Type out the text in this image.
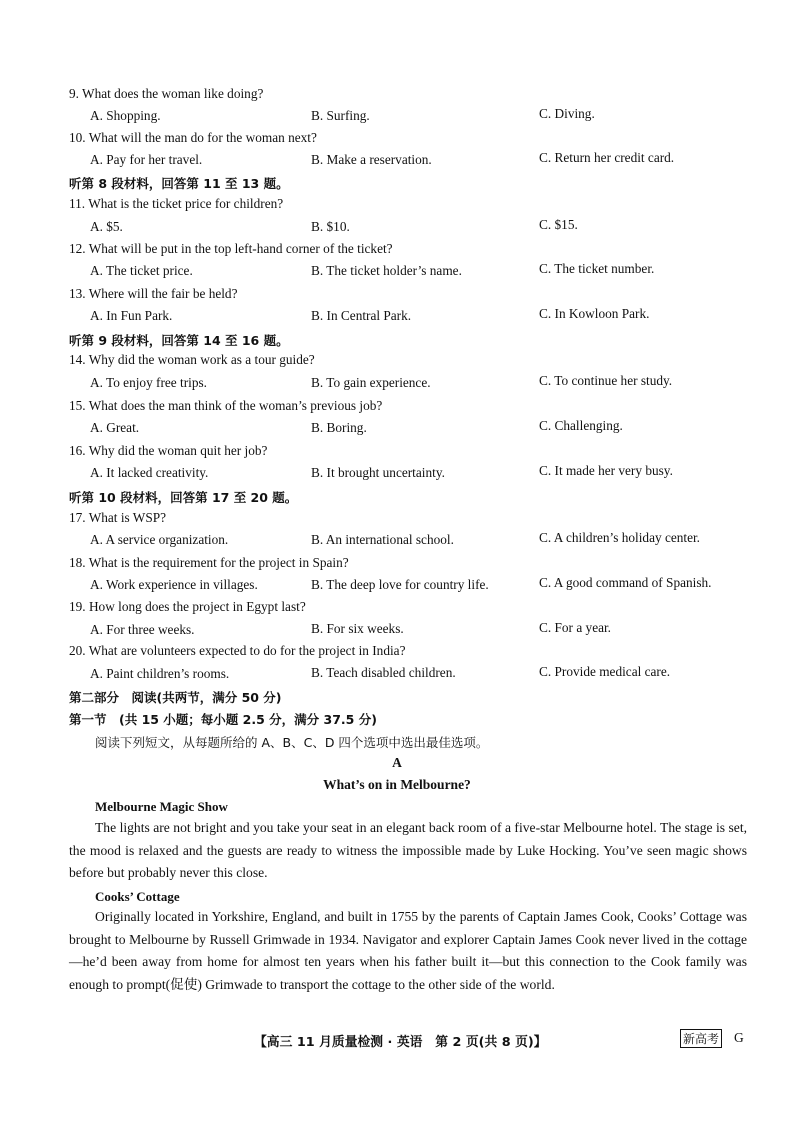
9. What does the woman like doing?
A. Shopping.	B. Surfing.	C. Diving.
10. What will the man do for the woman next?
A. Pay for her travel.	B. Make a reservation.	C. Return her credit card.
听第 8 段材料，回答第 11 至 13 题。
11. What is the ticket price for children?
A. $5.	B. $10.	C. $15.
12. What will be put in the top left-hand corner of the ticket?
A. The ticket price.	B. The ticket holder’s name.	C. The ticket number.
13. Where will the fair be held?
A. In Fun Park.	B. In Central Park.	C. In Kowloon Park.
听第 9 段材料，回答第 14 至 16 题。
14. Why did the woman work as a tour guide?
A. To enjoy free trips.	B. To gain experience.	C. To continue her study.
15. What does the man think of the woman’s previous job?
A. Great.	B. Boring.	C. Challenging.
16. Why did the woman quit her job?
A. It lacked creativity.	B. It brought uncertainty.	C. It made her very busy.
听第 10 段材料，回答第 17 至 20 题。
17. What is WSP?
A. A service organization.	B. An international school.	C. A children’s holiday center.
18. What is the requirement for the project in Spain?
A. Work experience in villages.	B. The deep love for country life.	C. A good command of Spanish.
19. How long does the project in Egypt last?
A. For three weeks.	B. For six weeks.	C. For a year.
20. What are volunteers expected to do for the project in India?
A. Paint children’s rooms.	B. Teach disabled children.	C. Provide medical care.
第二部分　阅读(共两节，满分 50 分)
第一节　(共 15 小题；每小题 2.5 分，满分 37.5 分)
阅读下列短文，从每题所给的 A、B、C、D 四个选项中选出最佳选项。
A
What’s on in Melbourne?
Melbourne Magic Show
The lights are not bright and you take your seat in an elegant back room of a five-star Melbourne hotel. The stage is set, the mood is relaxed and the guests are ready to witness the impossible made by Luke Hocking. You’ve seen magic shows before but probably never this close.
Cooks’ Cottage
Originally located in Yorkshire, England, and built in 1755 by the parents of Captain James Cook, Cooks’ Cottage was brought to Melbourne by Russell Grimwade in 1934. Navigator and explorer Captain James Cook never lived in the cottage—he’d been away from home for almost ten years when his father built it—but this connection to the Cook family was enough to prompt(促使) Grimwade to transport the cottage to the other side of the world.
【高三 11 月质量检测 · 英语　第 2 页(共 8 页)】	新高考 G
